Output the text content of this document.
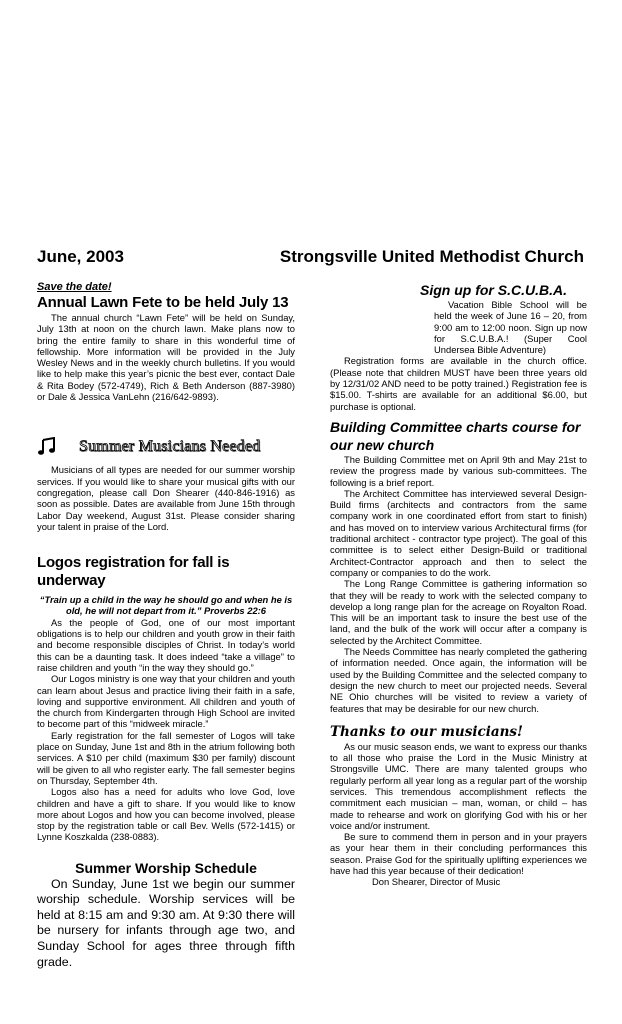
June, 2003	Strongsville United Methodist Church
Save the date!
Annual Lawn Fete to be held July 13

The annual church “Lawn Fete” will be held on Sunday, July 13th at noon on the church lawn. Make plans now to bring the entire family to share in this wonderful time of fellowship. More information will be provided in the July Wesley News and in the weekly church bulletins. If you would like to help make this year’s picnic the best ever, contact Dale & Rita Bodey (572-4749), Rich & Beth Anderson (887-3980) or Dale & Jessica VanLehn (216/642-9893).

Summer Musicians Needed

Musicians of all types are needed for our summer worship services. If you would like to share your musical gifts with our congregation, please call Don Shearer (440-846-1916) as soon as possible. Dates are available from June 15th through Labor Day weekend, August 31st. Please consider sharing your talent in praise of the Lord.

Logos registration for fall is underway
“Train up a child in the way he should go and when he is old, he will not depart from it.” Proverbs 22:6

As the people of God, one of our most important obligations is to help our children and youth grow in their faith and become responsible disciples of Christ. In today’s world this can be a daunting task. It does indeed “take a village” to raise children and youth “in the way they should go.”

Our Logos ministry is one way that your children and youth can learn about Jesus and practice living their faith in a safe, loving and supportive environment. All children and youth of the church from Kindergarten through High School are invited to become part of this “midweek miracle.”

Early registration for the fall semester of Logos will take place on Sunday, June 1st and 8th in the atrium following both services. A $10 per child (maximum $30 per family) discount will be given to all who register early. The fall semester begins on Thursday, September 4th.

Logos also has a need for adults who love God, love children and have a gift to share. If you would like to know more about Logos and how you can become involved, please stop by the registration table or call Bev. Wells (572-1415) or Lynne Koszkalda (238-0883).

Summer Worship Schedule

On Sunday, June 1st we begin our summer worship schedule. Worship services will be held at 8:15 am and 9:30 am. At 9:30 there will be nursery for infants through age two, and Sunday School for ages three through fifth grade.

Sign up for S.C.U.B.A.

Vacation Bible School will be held the week of June 16 – 20, from 9:00 am to 12:00 noon. Sign up now for S.C.U.B.A.! (Super Cool Undersea Bible Adventure)

Registration forms are available in the church office. (Please note that children MUST have been three years old by 12/31/02 AND need to be potty trained.) Registration fee is $15.00. T-shirts are available for an additional $6.00, but purchase is optional.

Building Committee charts course for our new church

The Building Committee met on April 9th and May 21st to review the progress made by various sub-committees. The following is a brief report.

The Architect Committee has interviewed several Design-Build firms (architects and contractors from the same company work in one coordinated effort from start to finish) and has moved on to interview various Architectural firms (for traditional architect - contractor type project). The goal of this committee is to select either Design-Build or traditional Architect-Contractor approach and then to select the company or companies to do the work.

The Long Range Committee is gathering information so that they will be ready to work with the selected company to develop a long range plan for the acreage on Royalton Road. This will be an important task to insure the best use of the land, and the bulk of the work will occur after a company is selected by the Architect Committee.

The Needs Committee has nearly completed the gathering of information needed. Once again, the information will be used by the Building Committee and the selected company to design the new church to meet our projected needs. Several NE Ohio churches will be visited to review a variety of features that may be desirable for our new church.

Thanks to our musicians!

As our music season ends, we want to express our thanks to all those who praise the Lord in the Music Ministry at Strongsville UMC. There are many talented groups who regularly perform all year long as a regular part of the worship services. This tremendous accomplishment reflects the commitment each musician – man, woman, or child – has made to rehearse and work on glorifying God with his or her voice and/or instrument.

Be sure to commend them in person and in your prayers as your hear them in their concluding performances this season. Praise God for the spiritually uplifting experiences we have had this year because of their dedication!

Don Shearer, Director of Music
